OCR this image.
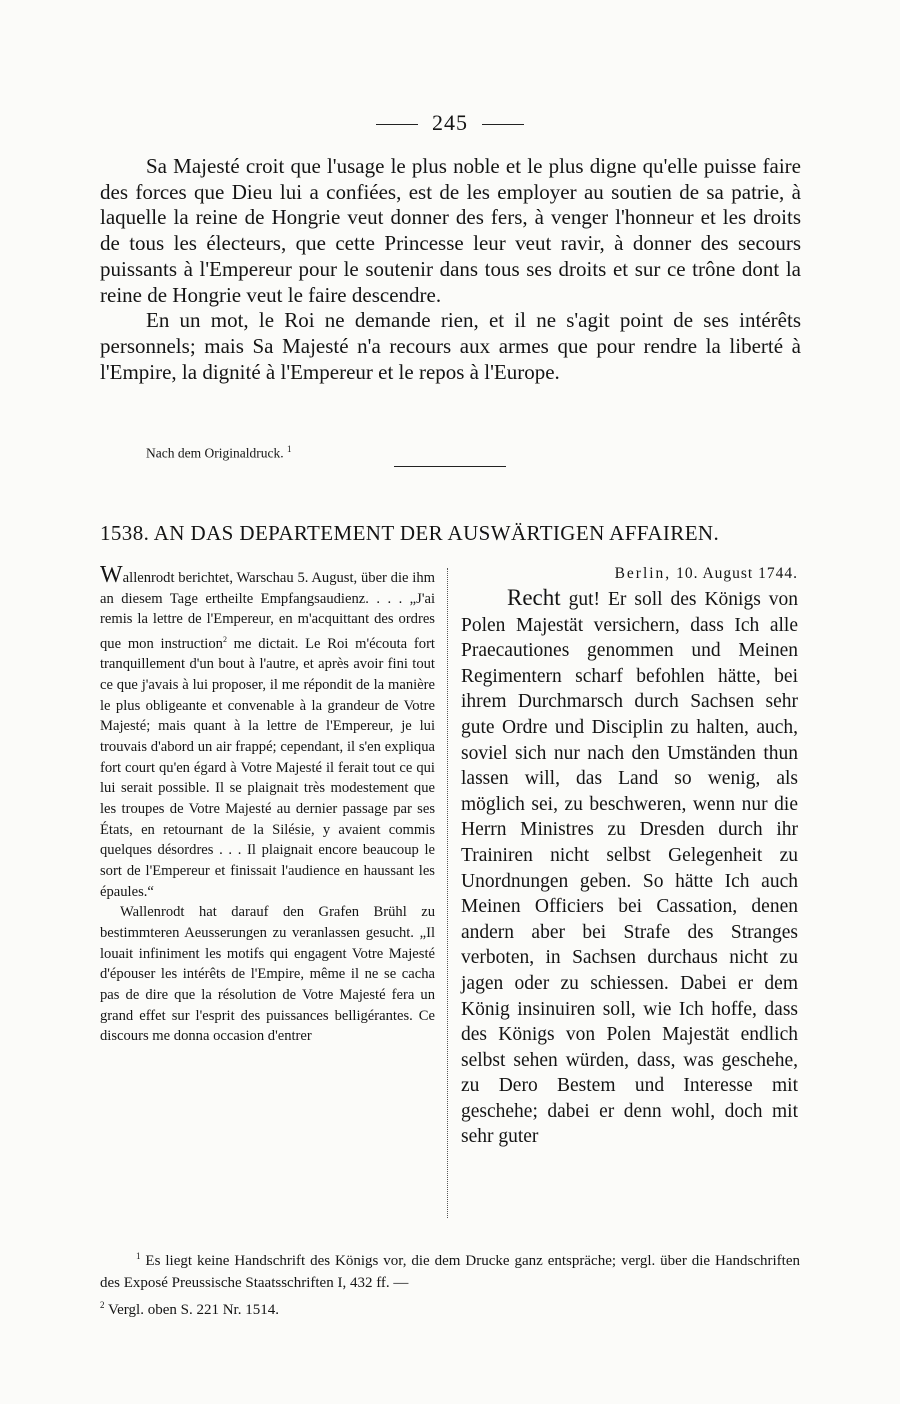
245

Sa Majesté croit que l'usage le plus noble et le plus digne qu'elle puisse faire des forces que Dieu lui a confiées, est de les employer au soutien de sa patrie, à laquelle la reine de Hongrie veut donner des fers, à venger l'honneur et les droits de tous les électeurs, que cette Princesse leur veut ravir, à donner des secours puissants à l'Empereur pour le soutenir dans tous ses droits et sur ce trône dont la reine de Hongrie veut le faire descendre.

En un mot, le Roi ne demande rien, et il ne s'agit point de ses intérêts personnels; mais Sa Majesté n'a recours aux armes que pour rendre la liberté à l'Empire, la dignité à l'Empereur et le repos à l'Europe.

Nach dem Originaldruck. $^1$
1538. AN DAS DEPARTEMENT DER AUSWÄRTIGEN AFFAIREN.

Wallenrodt berichtet, Warschau 5. August, über die ihm an diesem Tage ertheilte Empfangsaudienz. . . . „J'ai remis la lettre de l'Empereur, en m'acquittant des ordres que mon instruction$^2$ me dictait. Le Roi m'écouta fort tranquillement d'un bout à l'autre, et après avoir fini tout ce que j'avais à lui proposer, il me répondit de la manière le plus obligeante et convenable à la grandeur de Votre Majesté; mais quant à la lettre de l'Empereur, je lui trouvais d'abord un air frappé; cependant, il s'en expliqua fort court qu'en égard à Votre Majesté il ferait tout ce qui lui serait possible. Il se plaignait très modestement que les troupes de Votre Majesté au dernier passage par ses États, en retournant de la Silésie, y avaient commis quelques désordres . . . Il plaignait encore beaucoup le sort de l'Empereur et finissait l'audience en haussant les épaules.“

Wallenrodt hat darauf den Grafen Brühl zu bestimmteren Aeusserungen zu veranlassen gesucht. „Il louait infiniment les motifs qui engagent Votre Majesté d'épouser les intérêts de l'Empire, même il ne se cacha pas de dire que la résolution de Votre Majesté fera un grand effet sur l'esprit des puissances belligérantes. Ce discours me donna occasion d'entrer

Berlin, 10. August 1744.

Recht gut! Er soll des Königs von Polen Majestät versichern, dass Ich alle Praecautiones genommen und Meinen Regimentern scharf befohlen hätte, bei ihrem Durchmarsch durch Sachsen sehr gute Ordre und Disciplin zu halten, auch, soviel sich nur nach den Umständen thun lassen will, das Land so wenig, als möglich sei, zu beschweren, wenn nur die Herrn Ministres zu Dresden durch ihr Trainiren nicht selbst Gelegenheit zu Unordnungen geben. So hätte Ich auch Meinen Officiers bei Cassation, denen andern aber bei Strafe des Stranges verboten, in Sachsen durchaus nicht zu jagen oder zu schiessen. Dabei er dem König insinuiren soll, wie Ich hoffe, dass des Königs von Polen Majestät endlich selbst sehen würden, dass, was geschehe, zu Dero Bestem und Interesse mit geschehe; dabei er denn wohl, doch mit sehr guter

$^1$ Es liegt keine Handschrift des Königs vor, die dem Drucke ganz entspräche; vergl. über die Handschriften des Exposé Preussische Staatsschriften I, 432 ff. —

$^2$ Vergl. oben S. 221 Nr. 1514.
